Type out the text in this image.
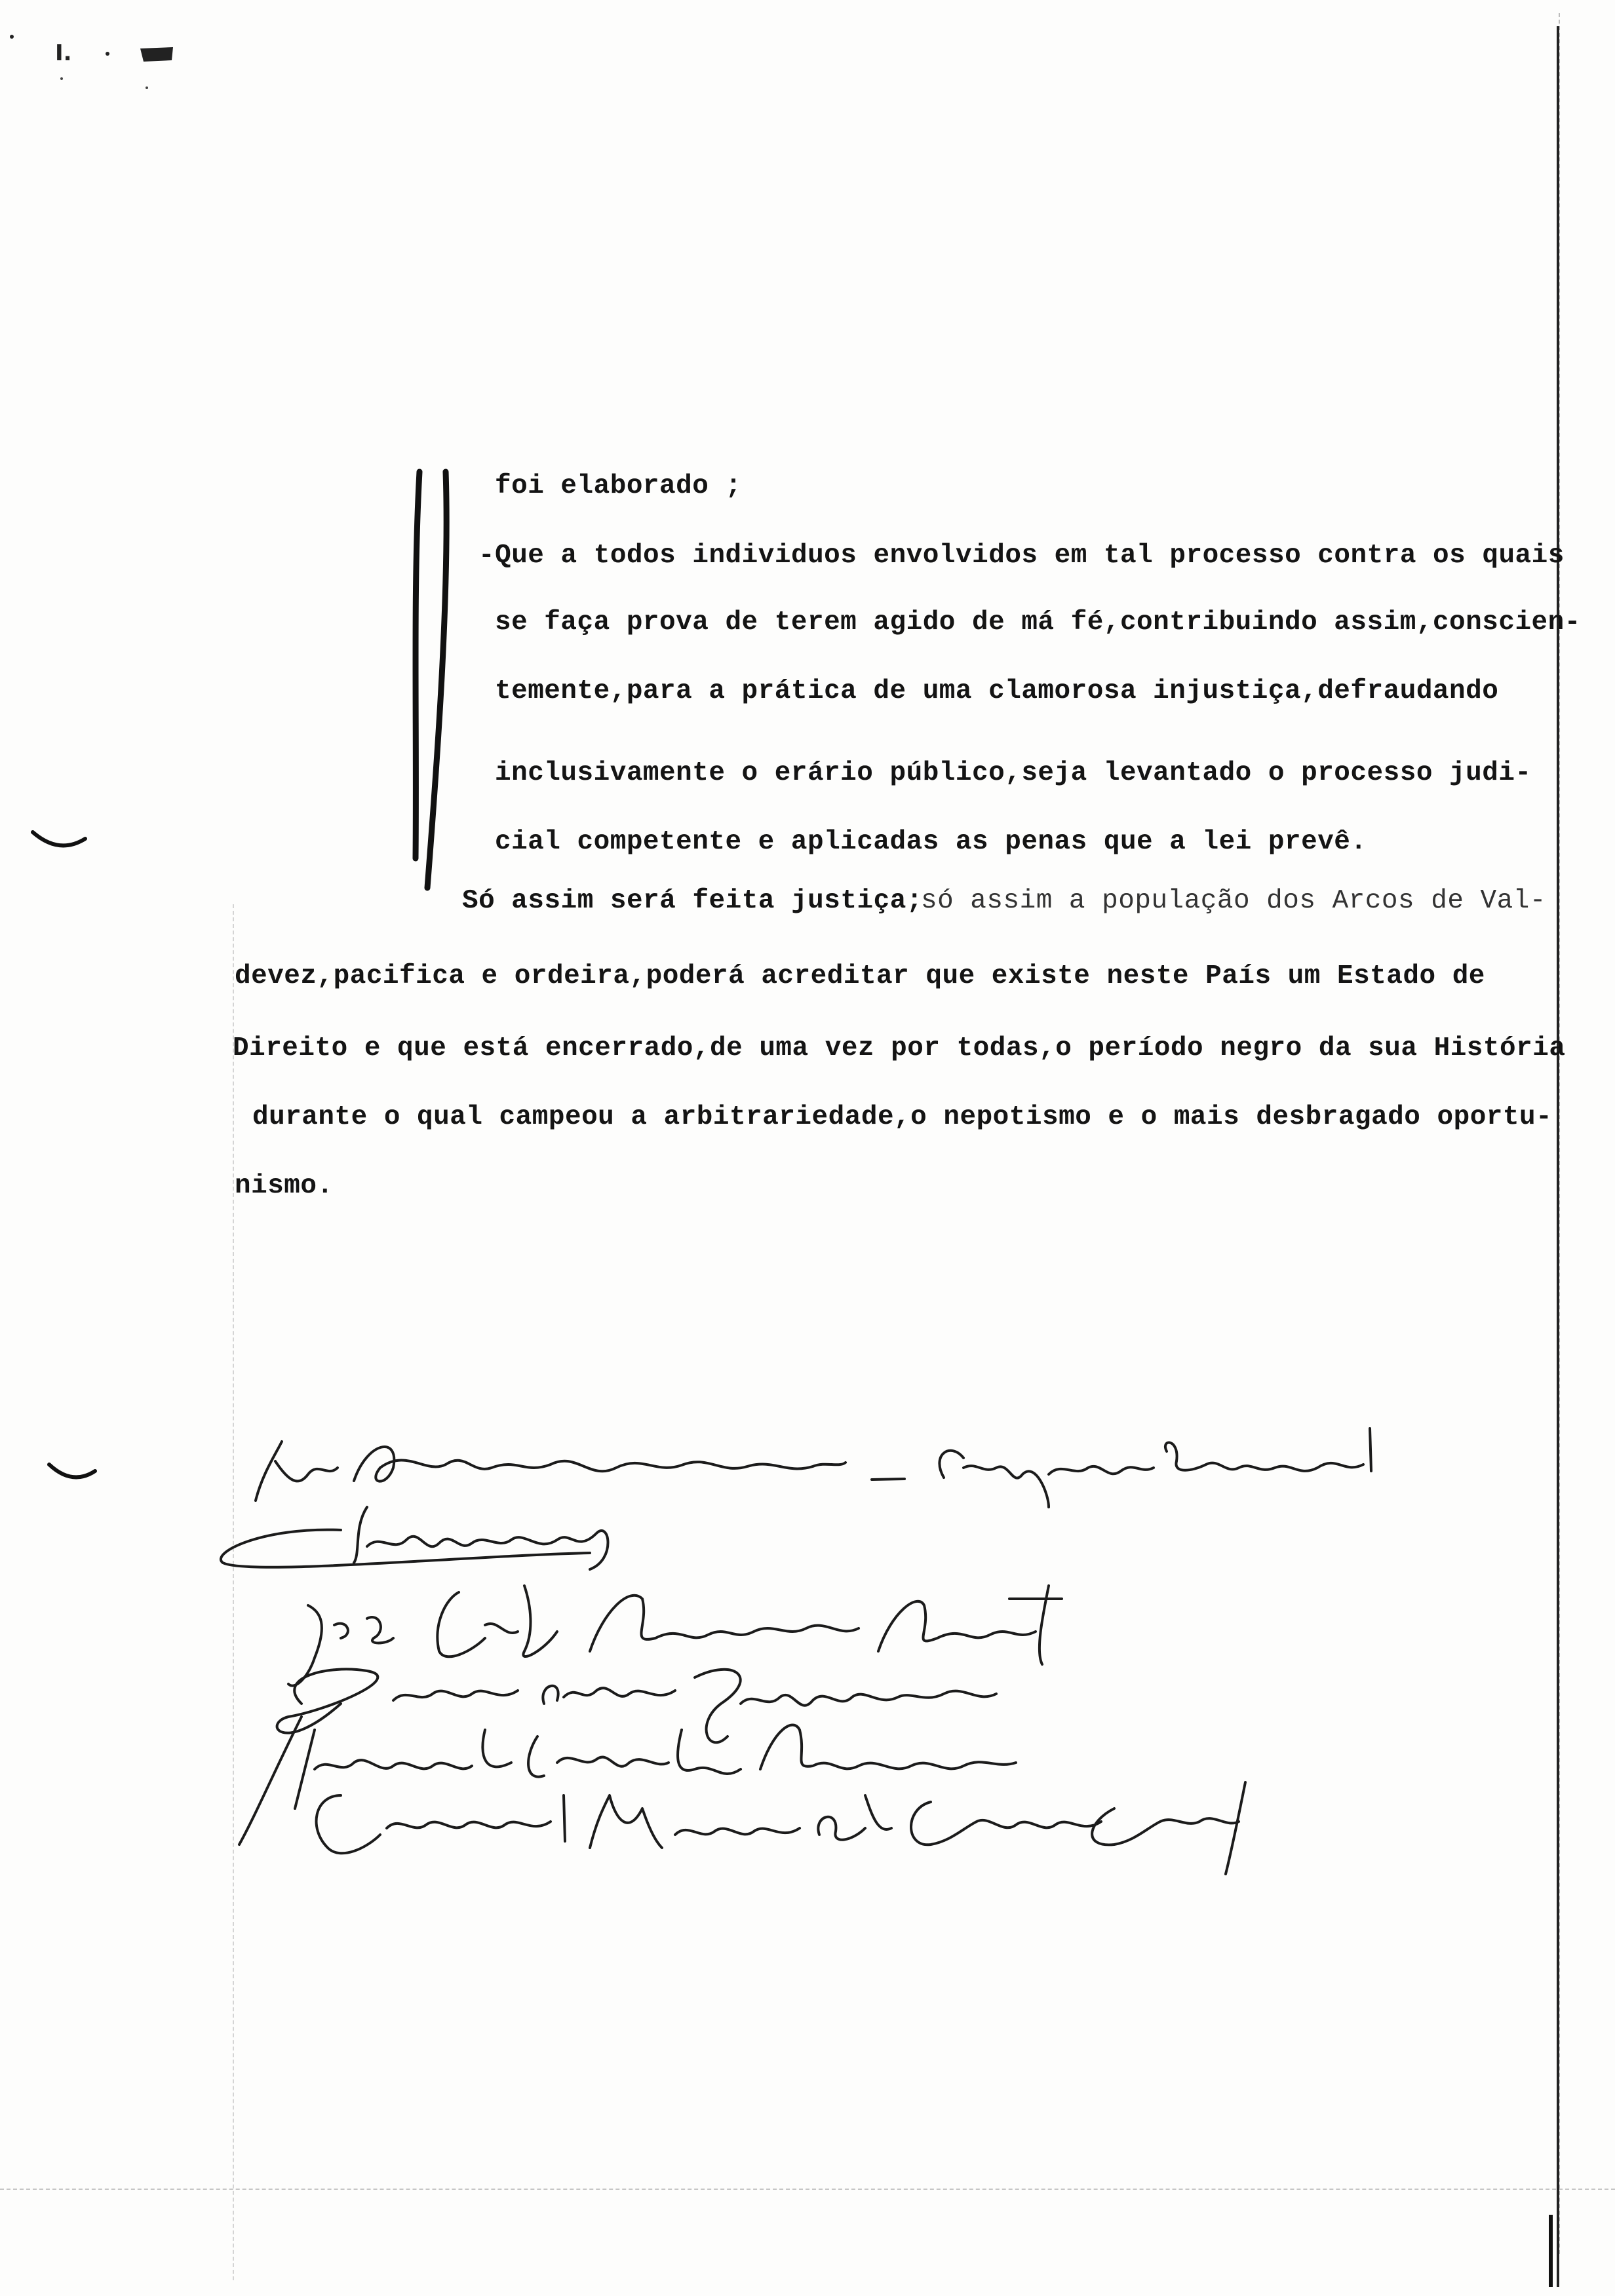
I.
foi elaborado ;
-Que a todos individuos envolvidos em tal processo contra os quais
se faça prova de terem agido de má fé,contribuindo assim,conscien-
temente,para a prática de uma clamorosa injustiça,defraudando
inclusivamente o erário público,seja levantado o processo judi-
cial competente e aplicadas as penas que a lei prevê.
Só assim será feita justiça;
só assim a população dos Arcos de Val-
devez,pacifica e ordeira,poderá acreditar que existe neste País um Estado de
Direito e que está encerrado,de uma vez por todas,o período negro da sua História
durante o qual campeou a arbitrariedade,o nepotismo e o mais desbragado oportu-
nismo.
